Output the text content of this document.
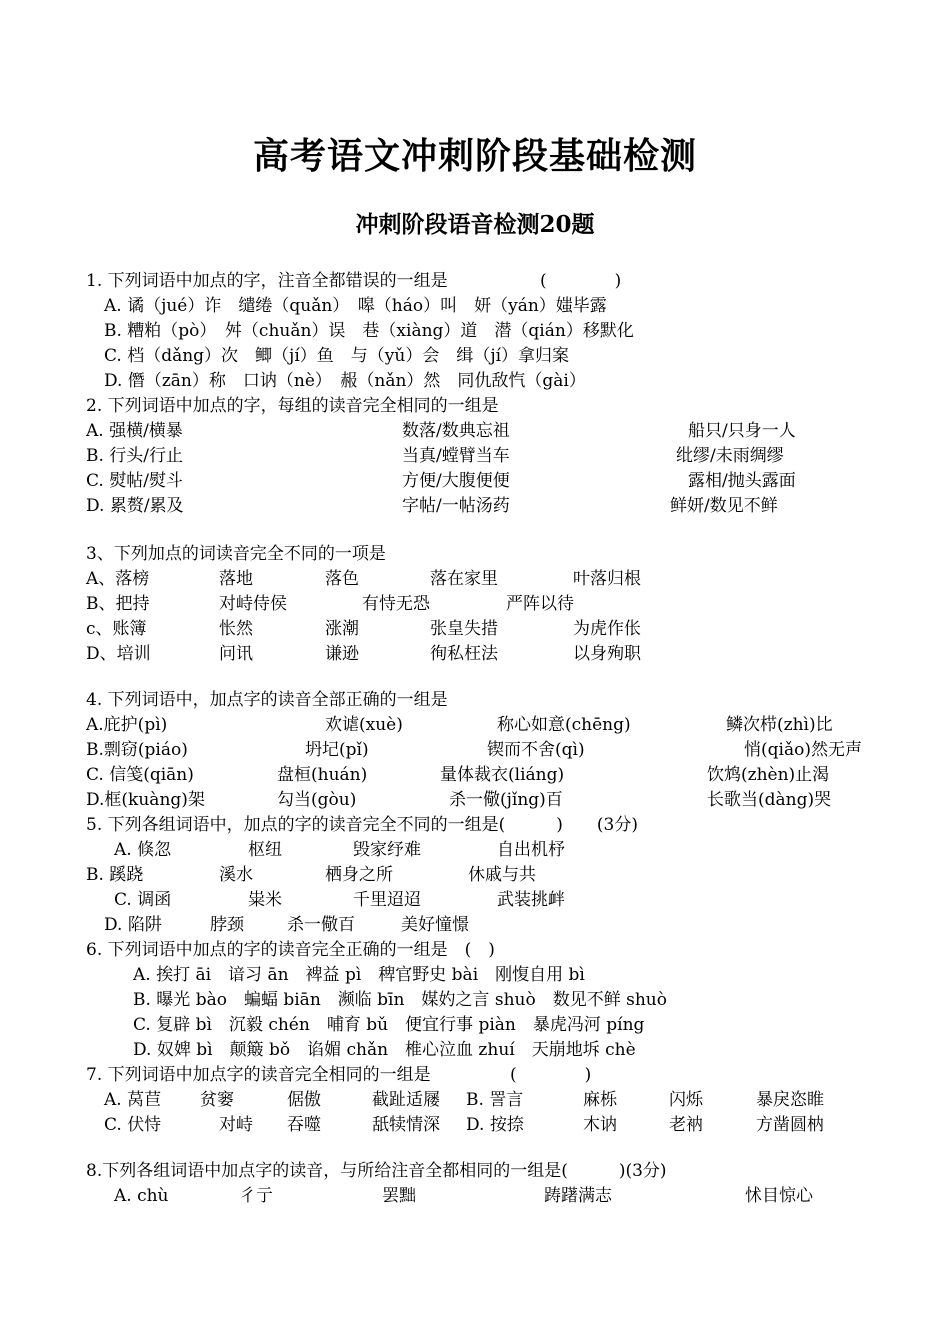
高考语文冲刺阶段基础检测
冲刺阶段语音检测20题
1. 下列词语中加点的字，注音全都错误的一组是	(　　　　)
A. 谲（jué）诈　缱绻（quǎn）　嗥（háo）叫　妍（yán）媸毕露
B. 糟粕（pò）　舛（chuǎn）误　巷（xiàng）道　潜（qián）移默化
C. 档（dǎng）次　鲫（jí）鱼　与（yǔ）会　缉（jí）拿归案
D. 僭（zān）称　口讷（nè）　赧（nǎn）然　同仇敌忾（gài）
2. 下列词语中加点的字，每组的读音完全相同的一组是
A. 强横/横暴	数落/数典忘祖	船只/只身一人
B. 行头/行止	当真/螳臂当车	纰缪/未雨绸缪
C. 熨帖/熨斗	方便/大腹便便	露相/抛头露面
D. 累赘/累及	字帖/一帖汤药	鲜妍/数见不鲜
3、下列加点的词读音完全不同的一项是
A、落榜	落地	落色	落在家里	叶落归根
B、把持	对峙侍侯	有恃无恐	严阵以待
c、账簿	怅然	涨潮	张皇失措	为虎作伥
D、培训	问讯	谦逊	徇私枉法	以身殉职
4. 下列词语中，加点字的读音全部正确的一组是
A.庇护(pì)	欢谑(xuè)	称心如意(chēng)	鳞次栉(zhì)比
B.剽窃(piáo)	坍圮(pǐ)	锲而不舍(qì)	悄(qiǎo)然无声
C. 信笺(qiān)	盘桓(huán)	量体裁衣(liáng)	饮鸩(zhèn)止渴
D.框(kuàng)架	勾当(gòu)	杀一儆(jǐng)百	长歌当(dàng)哭
5. 下列各组词语中，加点的字的读音完全不同的一组是(　　　)　　(3分)
A. 倏忽	枢纽	毁家纾难	自出机杼
B. 蹊跷	溪水	栖身之所	休戚与共
C. 调函	粜米	千里迢迢	武装挑衅
D. 陷阱	脖颈	杀一儆百	美好憧憬
6. 下列词语中加点的字的读音完全正确的一组是　(　)
A. 挨打 āi　谙习 ān　裨益 pì　稗官野史 bài　刚愎自用 bì
B. 曝光 bào　蝙蝠 biān　濒临 bīn　媒妁之言 shuò　数见不鲜 shuò
C. 复辟 bì　沉毅 chén　哺育 bǔ　便宜行事 piàn　暴虎冯河 píng
D. 奴婢 bì　颠簸 bǒ　谄媚 chǎn　椎心泣血 zhuí　天崩地坼 chè
7. 下列词语中加点字的读音完全相同的一组是	(　　　　)
A. 莴苣 贫窭	倨傲	截趾适屦 B. 詈言	麻栎	闪烁	暴戾恣睢
C. 伏恃	对峙 吞噬	舐犊情深 D. 按捺	木讷	老衲	方凿圆枘
8.下列各组词语中加点字的读音，与所给注音全都相同的一组是(　　　)(3分)
A. chù	彳亍	罢黜	踌躇满志	怵目惊心
